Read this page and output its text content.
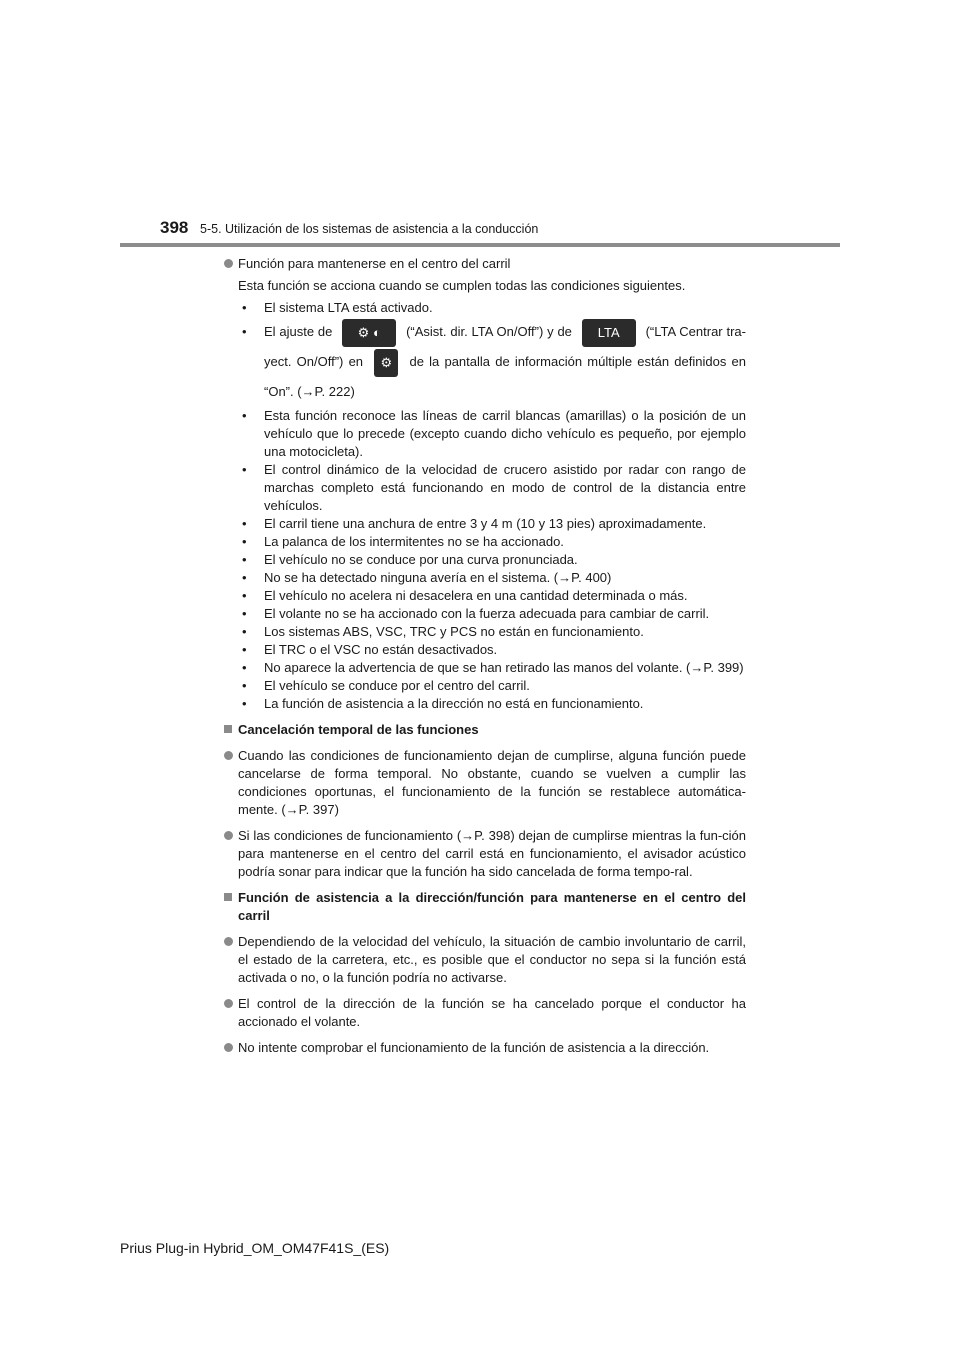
398 5-5. Utilización de los sistemas de asistencia a la conducción
Función para mantenerse en el centro del carril
Esta función se acciona cuando se cumplen todas las condiciones siguientes.
• El sistema LTA está activado.
• El ajuste de ⚙ ◐ (“Asist. dir. LTA On/Off”) y de LTA (“LTA Centrar tra-yect. On/Off”) en ⚙ de la pantalla de información múltiple están definidos en “On”. (→P. 222)
• Esta función reconoce las líneas de carril blancas (amarillas) o la posición de un vehículo que lo precede (excepto cuando dicho vehículo es pequeño, por ejemplo una motocicleta).
• El control dinámico de la velocidad de crucero asistido por radar con rango de marchas completo está funcionando en modo de control de la distancia entre vehículos.
• El carril tiene una anchura de entre 3 y 4 m (10 y 13 pies) aproximadamente.
• La palanca de los intermitentes no se ha accionado.
• El vehículo no se conduce por una curva pronunciada.
• No se ha detectado ninguna avería en el sistema. (→P. 400)
• El vehículo no acelera ni desacelera en una cantidad determinada o más.
• El volante no se ha accionado con la fuerza adecuada para cambiar de carril.
• Los sistemas ABS, VSC, TRC y PCS no están en funcionamiento.
• El TRC o el VSC no están desactivados.
• No aparece la advertencia de que se han retirado las manos del volante. (→P. 399)
• El vehículo se conduce por el centro del carril.
• La función de asistencia a la dirección no está en funcionamiento.
Cancelación temporal de las funciones
Cuando las condiciones de funcionamiento dejan de cumplirse, alguna función puede cancelarse de forma temporal. No obstante, cuando se vuelven a cumplir las condiciones oportunas, el funcionamiento de la función se restablece automática-mente. (→P. 397)
Si las condiciones de funcionamiento (→P. 398) dejan de cumplirse mientras la fun-ción para mantenerse en el centro del carril está en funcionamiento, el avisador acústico podría sonar para indicar que la función ha sido cancelada de forma tempo-ral.
Función de asistencia a la dirección/función para mantenerse en el centro del carril
Dependiendo de la velocidad del vehículo, la situación de cambio involuntario de carril, el estado de la carretera, etc., es posible que el conductor no sepa si la función está activada o no, o la función podría no activarse.
El control de la dirección de la función se ha cancelado porque el conductor ha accionado el volante.
No intente comprobar el funcionamiento de la función de asistencia a la dirección.
Prius Plug-in Hybrid_OM_OM47F41S_(ES)
